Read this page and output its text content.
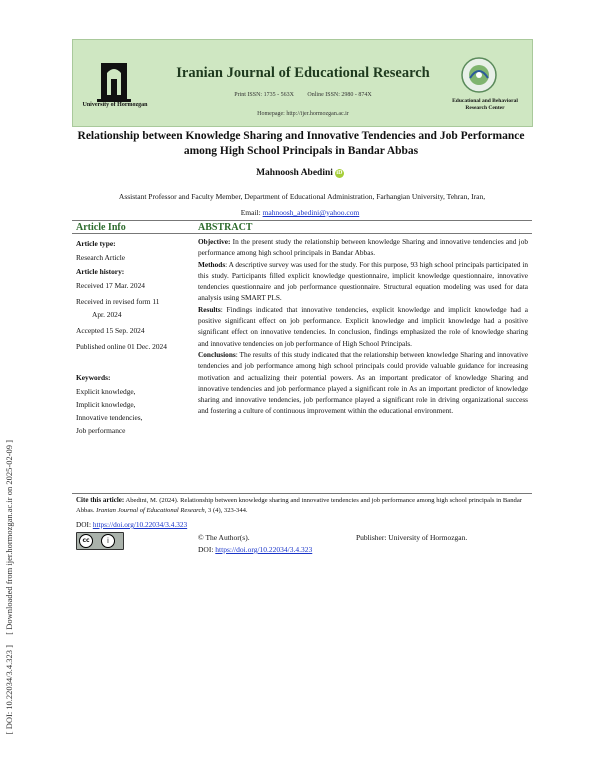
[ Downloaded from ijer.hormozgan.ac.ir on 2025-02-09 ]
[ DOI: 10.22034/3.4.323 ]
University of Hormozgan
Iranian Journal of Educational Research
Print ISSN: 1735 - 563X Online ISSN: 2980 - 874X
Homepage: http://ijer.hormozgan.ac.ir
Educational and Behavioral Research Center
Relationship between Knowledge Sharing and Innovative Tendencies and Job Performance among High School Principals in Bandar Abbas
Mahnoosh Abedini iD
Assistant Professor and Faculty Member, Department of Educational Administration, Farhangian University, Tehran, Iran,
Email: mahnoosh_abedini@yahoo.com
Article Info	ABSTRACT
Article type:
Research Article
Article history:
Received 17 Mar. 2024
Received in revised form 11
Apr. 2024
Accepted 15 Sep. 2024
Published online 01 Dec. 2024
Keywords:
Explicit knowledge,
Implicit knowledge,
Innovative tendencies,
Job performance

Objective: In the present study the relationship between knowledge Sharing and innovative tendencies and job performance among high school principals in Bandar Abbas.

Methods: A descriptive survey was used for the study. For this purpose, 93 high school principals participated in this study. Participants filled explicit knowledge questionnaire, implicit knowledge questionnaire, innovative tendencies questionnaire and job performance questionnaire. Structural equation modeling was used for data analysis using SMART PLS.

Results: Findings indicated that innovative tendencies, explicit knowledge and implicit knowledge had a positive significant effect on job performance. Explicit knowledge and implicit knowledge had a positive significant effect on innovative tendencies. In conclusion, findings emphasized the role of knowledge sharing and innovative tendencies on job performance of High School Principals.

Conclusions: The results of this study indicated that the relationship between knowledge Sharing and innovative tendencies and job performance among high school principals could provide valuable guidance for increasing motivation and actualizing their potential powers. As an important predicator of knowledge Sharing and innovative tendencies and job performance played a significant role in As an important predictor of knowledge sharing and innovative tendencies, job performance played a significant role in driving organizational success and fostering a culture of continuous improvement within the educational environment.

Cite this article: Abedini, M. (2024). Relationship between knowledge sharing and innovative tendencies and job performance among high school principals in Bandar Abbas. Iranian Journal of Educational Research, 3 (4), 323-344.
DOI: https://doi.org/10.22034/3.4.323
cc	i	© The Author(s).
DOI: https://doi.org/10.22034/3.4.323
Publisher: University of Hormozgan.
